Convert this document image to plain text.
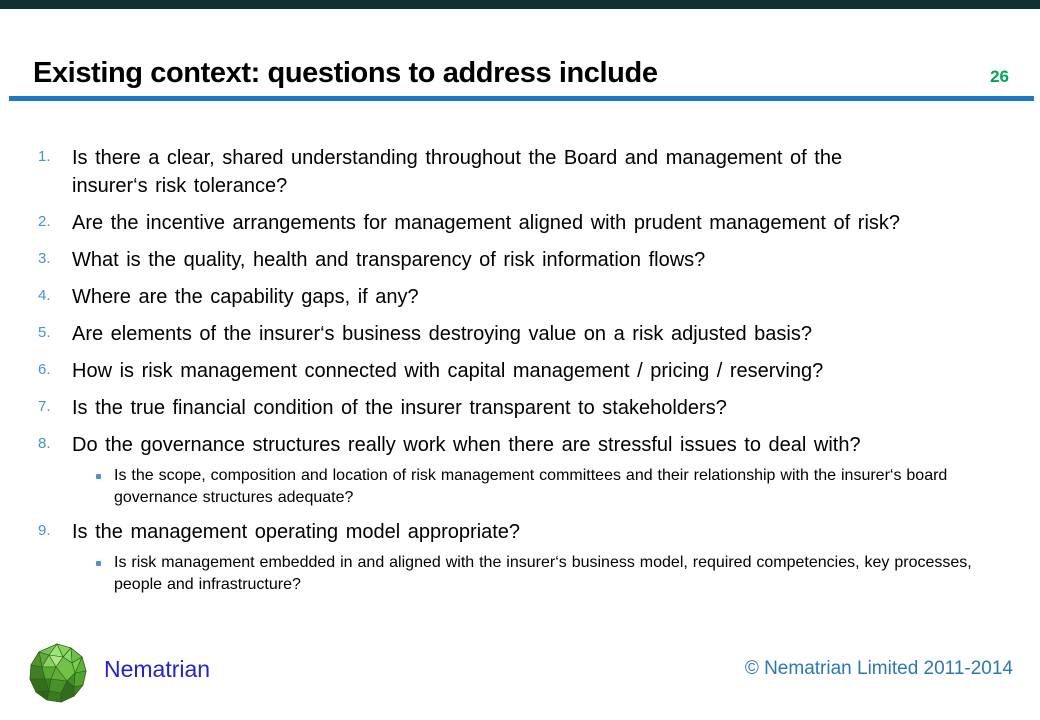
Existing context: questions to address include	26
1.	Is there a clear, shared understanding throughout the Board and management of the insurer‘s risk tolerance?

2.	Are the incentive arrangements for management aligned with prudent management of risk?

3.	What is the quality, health and transparency of risk information flows?

4.	Where are the capability gaps, if any?

5.	Are elements of the insurer‘s business destroying value on a risk adjusted basis?

6.	How is risk management connected with capital management / pricing / reserving?

7.	Is the true financial condition of the insurer transparent to stakeholders?

8.	Do the governance structures really work when there are stressful issues to deal with?

Is the scope, composition and location of risk management committees and their relationship with the insurer‘s board governance structures adequate?

9.	Is the management operating model appropriate?

Is risk management embedded in and aligned with the insurer‘s business model, required competencies, key processes, people and infrastructure?

Nematrian	© Nematrian Limited 2011-2014
